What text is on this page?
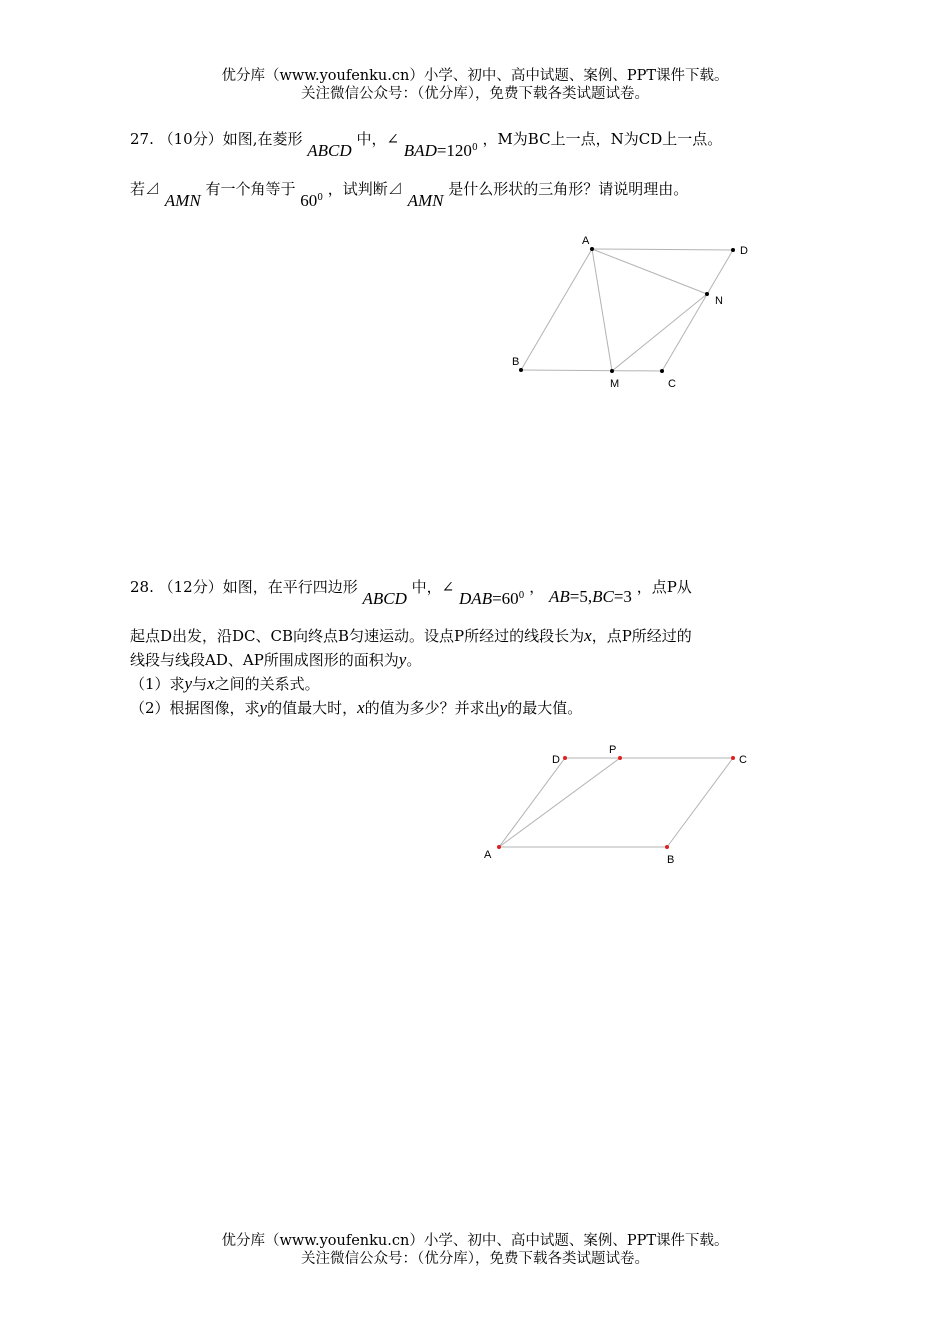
优分库（www.youfenku.cn）小学、初中、高中试题、案例、PPT课件下载。
关注微信公众号：（优分库），免费下载各类试题试卷。
27. （10分）如图,在菱形 ABCD 中，∠ $BAD=120^0$ ，M为BC上一点，N为CD上一点。
若⊿ AMN 有一个角等于 $60^0$ ，试判断⊿ AMN 是什么形状的三角形？请说明理由。
A
D
N
B
M	C
28. （12分）如图，在平行四边形 ABCD 中，∠ $DAB=60^0$ ， AB=5,BC=3 ，点P从
起点D出发，沿DC、CB向终点B匀速运动。设点P所经过的线段长为x，点P所经过的
线段与线段AD、AP所围成图形的面积为y。
（1）求y与x之间的关系式。
（2）根据图像，求y的值最大时，x的值为多少？并求出y的最大值。
D
P
C
A	B
优分库（www.youfenku.cn）小学、初中、高中试题、案例、PPT课件下载。
关注微信公众号：（优分库），免费下载各类试题试卷。
